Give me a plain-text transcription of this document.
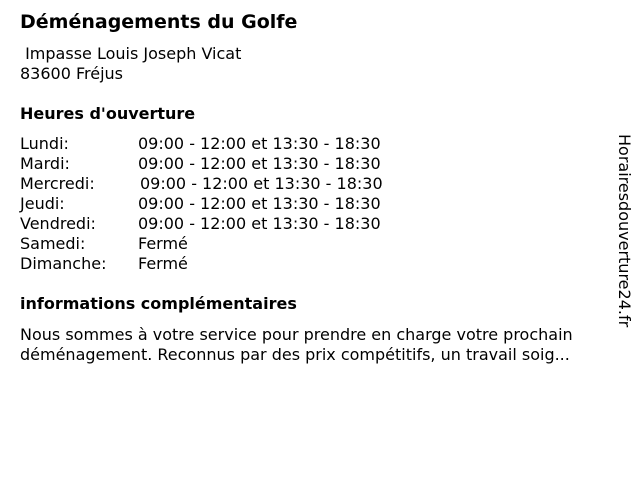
Déménagements du Golfe
Impasse Louis Joseph Vicat
83600 Fréjus
Heures d'ouverture
Lundi:	09:00 - 12:00 et 13:30 - 18:30
Mardi:	09:00 - 12:00 et 13:30 - 18:30
Mercredi:	09:00 - 12:00 et 13:30 - 18:30
Jeudi:	09:00 - 12:00 et 13:30 - 18:30
Vendredi:	09:00 - 12:00 et 13:30 - 18:30
Samedi:	Fermé
Dimanche: Fermé
informations complémentaires
Nous sommes à votre service pour prendre en charge votre prochain
déménagement. Reconnus par des prix compétitifs, un travail soig...
Horairesdouverture24.fr
